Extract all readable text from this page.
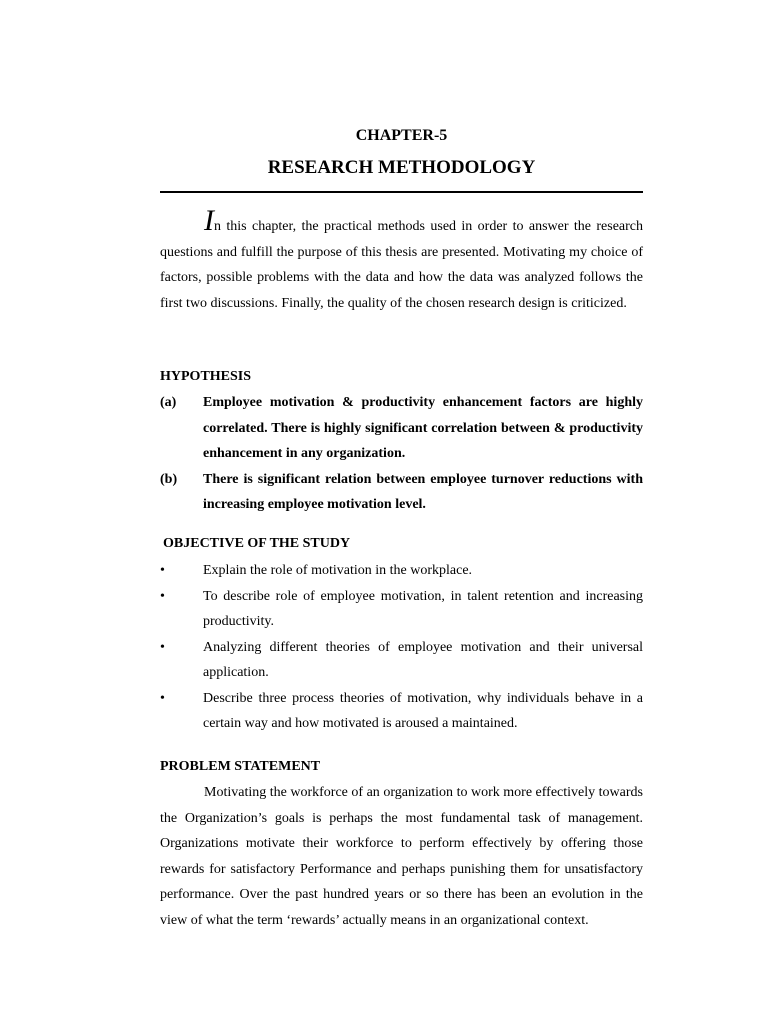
CHAPTER-5
RESEARCH METHODOLOGY

In this chapter, the practical methods used in order to answer the research questions and fulfill the purpose of this thesis are presented. Motivating my choice of factors, possible problems with the data and how the data was analyzed follows the first two discussions. Finally, the quality of the chosen research design is criticized.

HYPOTHESIS
(a) Employee motivation & productivity enhancement factors are highly correlated. There is highly significant correlation between & productivity enhancement in any organization.
(b) There is significant relation between employee turnover reductions with increasing employee motivation level.
OBJECTIVE OF THE STUDY
•	Explain the role of motivation in the workplace.
•	To describe role of employee motivation, in talent retention and increasing productivity.
•	Analyzing different theories of employee motivation and their universal application.
•	Describe three process theories of motivation, why individuals behave in a certain way and how motivated is aroused a maintained.
PROBLEM STATEMENT

Motivating the workforce of an organization to work more effectively towards the Organization’s goals is perhaps the most fundamental task of management. Organizations motivate their workforce to perform effectively by offering those rewards for satisfactory Performance and perhaps punishing them for unsatisfactory performance. Over the past hundred years or so there has been an evolution in the view of what the term ‘rewards’ actually means in an organizational context.
